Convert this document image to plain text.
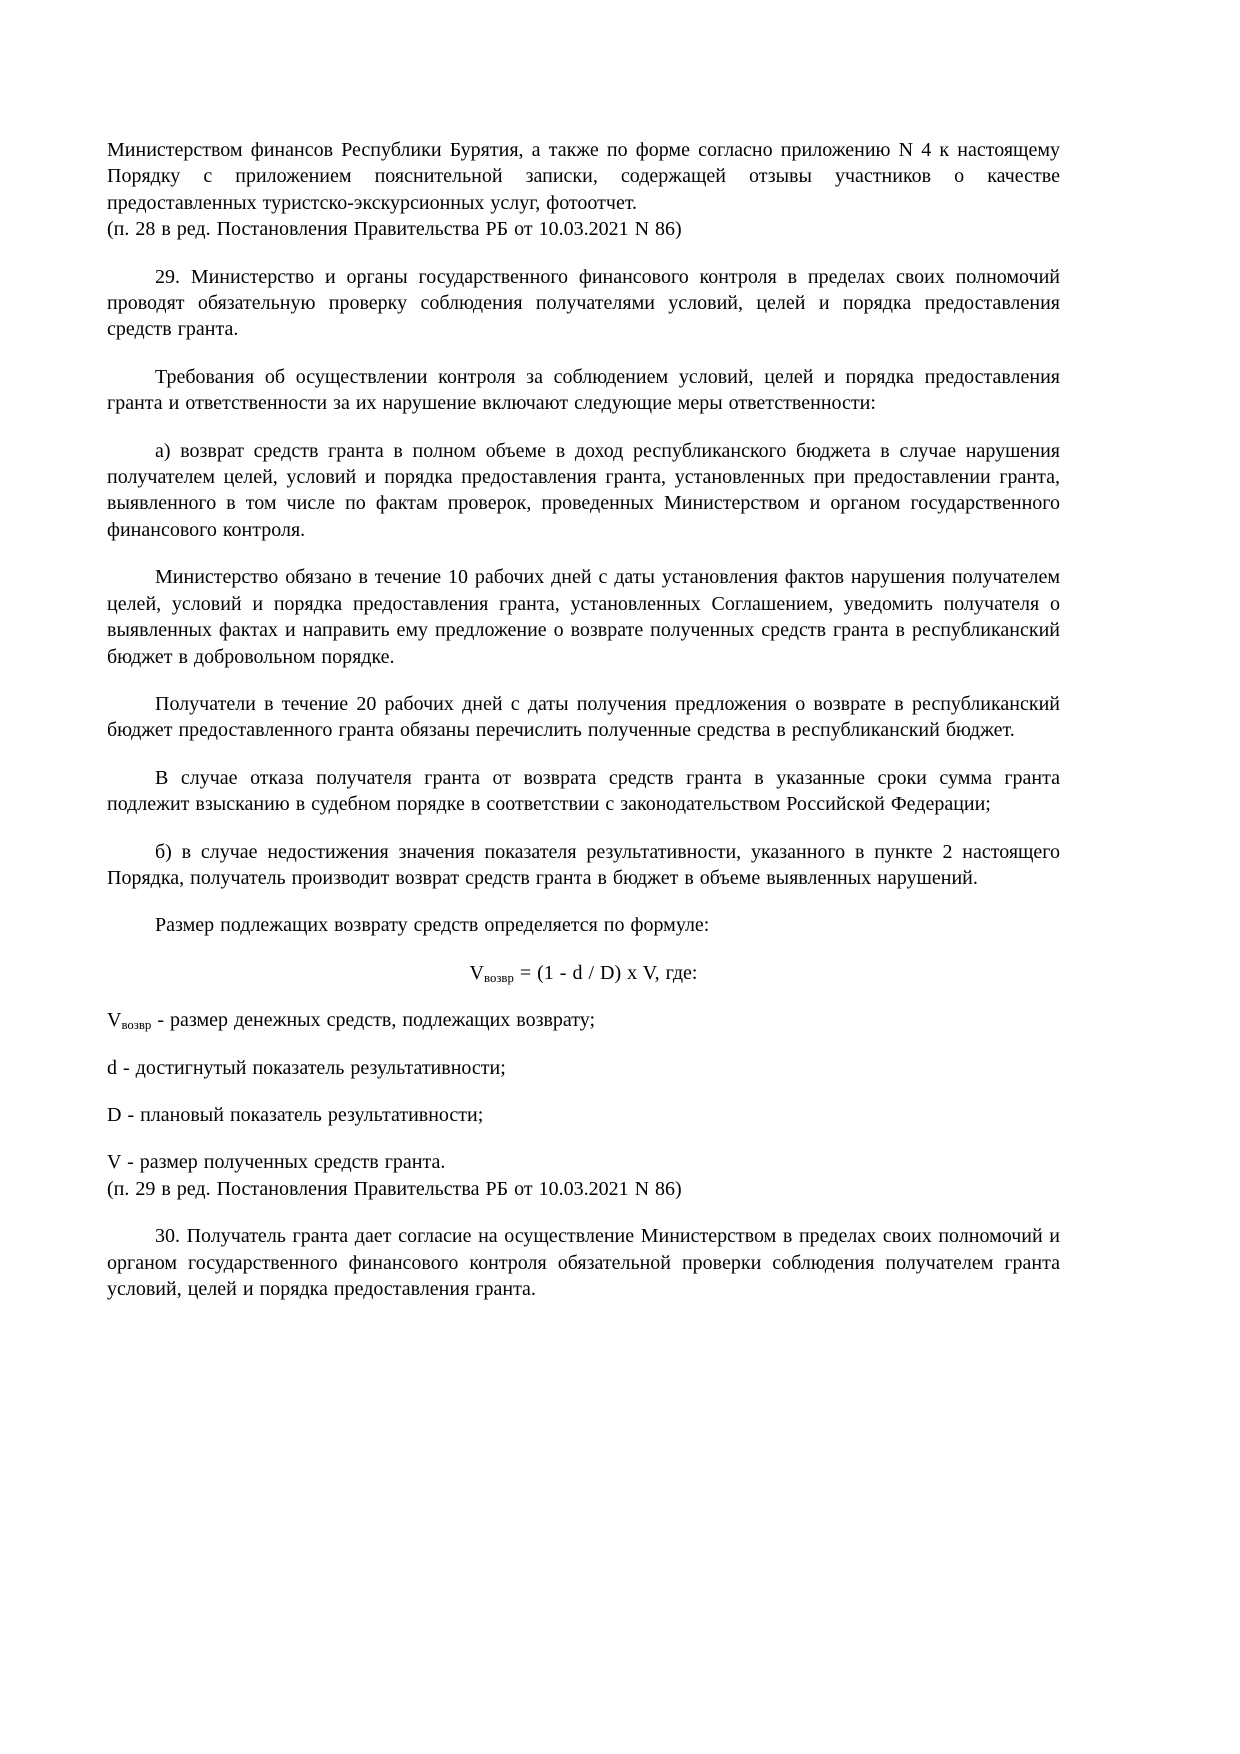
Министерством финансов Республики Бурятия, а также по форме согласно приложению N 4 к настоящему Порядку с приложением пояснительной записки, содержащей отзывы участников о качестве предоставленных туристско-экскурсионных услуг, фотоотчет.

(п. 28 в ред. Постановления Правительства РБ от 10.03.2021 N 86)

29. Министерство и органы государственного финансового контроля в пределах своих полномочий проводят обязательную проверку соблюдения получателями условий, целей и порядка предоставления средств гранта.

Требования об осуществлении контроля за соблюдением условий, целей и порядка предоставления гранта и ответственности за их нарушение включают следующие меры ответственности:

а) возврат средств гранта в полном объеме в доход республиканского бюджета в случае нарушения получателем целей, условий и порядка предоставления гранта, установленных при предоставлении гранта, выявленного в том числе по фактам проверок, проведенных Министерством и органом государственного финансового контроля.

Министерство обязано в течение 10 рабочих дней с даты установления фактов нарушения получателем целей, условий и порядка предоставления гранта, установленных Соглашением, уведомить получателя о выявленных фактах и направить ему предложение о возврате полученных средств гранта в республиканский бюджет в добровольном порядке.

Получатели в течение 20 рабочих дней с даты получения предложения о возврате в республиканский бюджет предоставленного гранта обязаны перечислить полученные средства в республиканский бюджет.

В случае отказа получателя гранта от возврата средств гранта в указанные сроки сумма гранта подлежит взысканию в судебном порядке в соответствии с законодательством Российской Федерации;

б) в случае недостижения значения показателя результативности, указанного в пункте 2 настоящего Порядка, получатель производит возврат средств гранта в бюджет в объеме выявленных нарушений.

Размер подлежащих возврату средств определяется по формуле:

$V_{возвр} = (1 - d / D)$ x V, где:

$V_{возвр}$ - размер денежных средств, подлежащих возврату;

d - достигнутый показатель результативности;

D - плановый показатель результативности;

V - размер полученных средств гранта.

(п. 29 в ред. Постановления Правительства РБ от 10.03.2021 N 86)

30. Получатель гранта дает согласие на осуществление Министерством в пределах своих полномочий и органом государственного финансового контроля обязательной проверки соблюдения получателем гранта условий, целей и порядка предоставления гранта.
